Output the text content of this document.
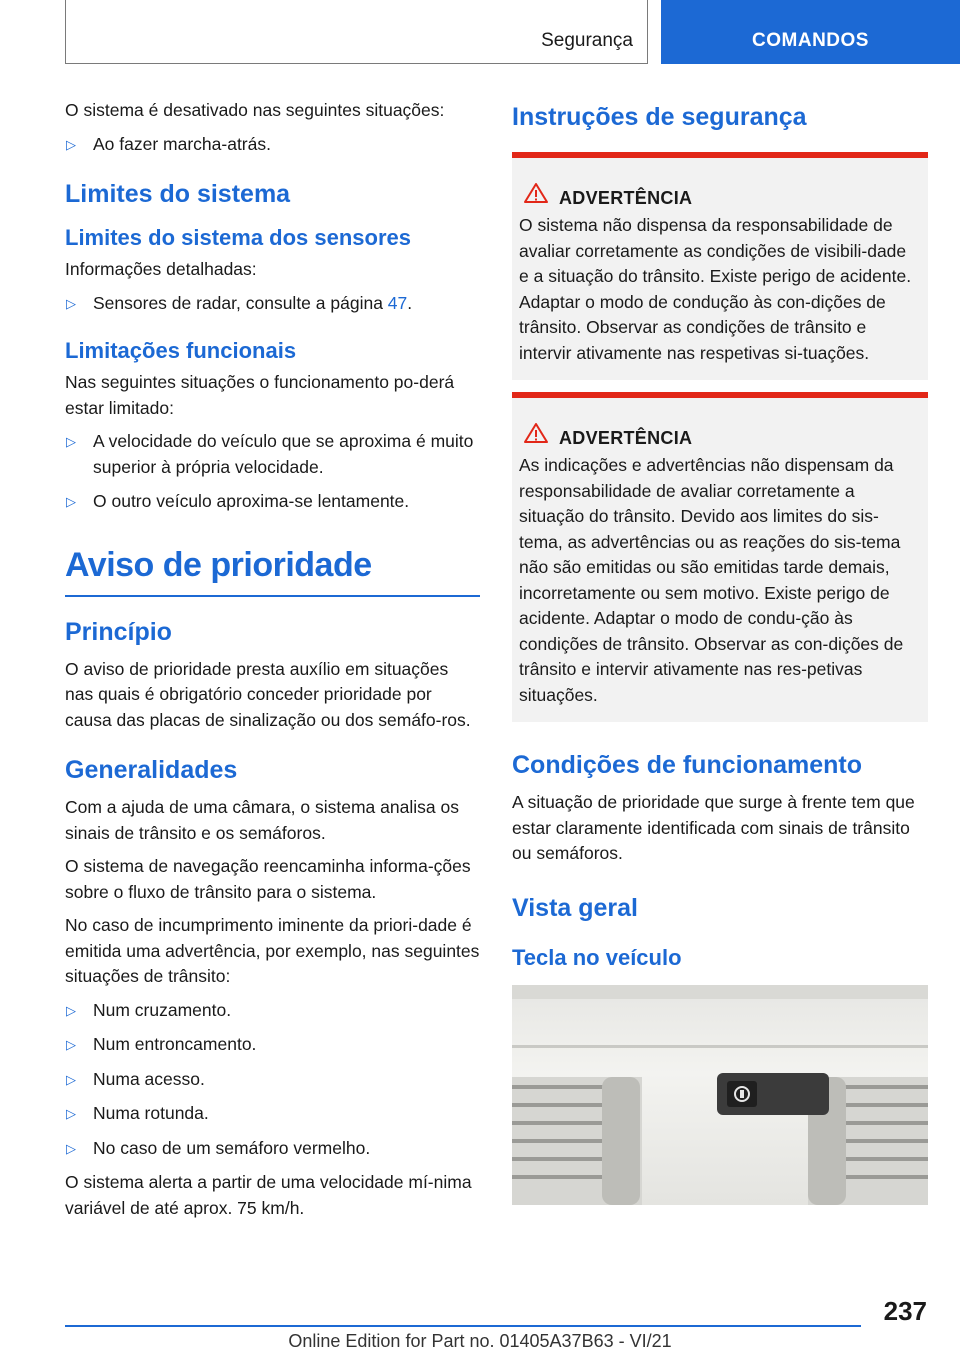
Segurança	COMANDOS

O sistema é desativado nas seguintes situações:

▷ Ao fazer marcha-atrás.
Limites do sistema
Limites do sistema dos sensores

Informações detalhadas:

▷ Sensores de radar, consulte a página 47.
Limitações funcionais

Nas seguintes situações o funcionamento po-derá estar limitado:

▷ A velocidade do veículo que se aproxima é muito superior à própria velocidade.
▷ O outro veículo aproxima-se lentamente.
Aviso de prioridade
Princípio

O aviso de prioridade presta auxílio em situações nas quais é obrigatório conceder prioridade por causa das placas de sinalização ou dos semáfo-ros.

Generalidades

Com a ajuda de uma câmara, o sistema analisa os sinais de trânsito e os semáforos.

O sistema de navegação reencaminha informa-ções sobre o fluxo de trânsito para o sistema.

No caso de incumprimento iminente da priori-dade é emitida uma advertência, por exemplo, nas seguintes situações de trânsito:

▷ Num cruzamento.
▷ Num entroncamento.
▷ Numa acesso.
▷ Numa rotunda.
▷ No caso de um semáforo vermelho.

O sistema alerta a partir de uma velocidade mí-nima variável de até aprox. 75 km/h.

Instruções de segurança
ADVERTÊNCIA

O sistema não dispensa da responsabilidade de avaliar corretamente as condições de visibili-dade e a situação do trânsito. Existe perigo de acidente. Adaptar o modo de condução às con-dições de trânsito. Observar as condições de trânsito e intervir ativamente nas respetivas si-tuações.

ADVERTÊNCIA

As indicações e advertências não dispensam da responsabilidade de avaliar corretamente a situação do trânsito. Devido aos limites do sis-tema, as advertências ou as reações do sis-tema não são emitidas ou são emitidas tarde demais, incorretamente ou sem motivo. Existe perigo de acidente. Adaptar o modo de condu-ção às condições de trânsito. Observar as con-dições de trânsito e intervir ativamente nas res-petivas situações.

Condições de funcionamento

A situação de prioridade que surge à frente tem que estar claramente identificada com sinais de trânsito ou semáforos.

Vista geral
Tecla no veículo
237
Online Edition for Part no. 01405A37B63 - VI/21
